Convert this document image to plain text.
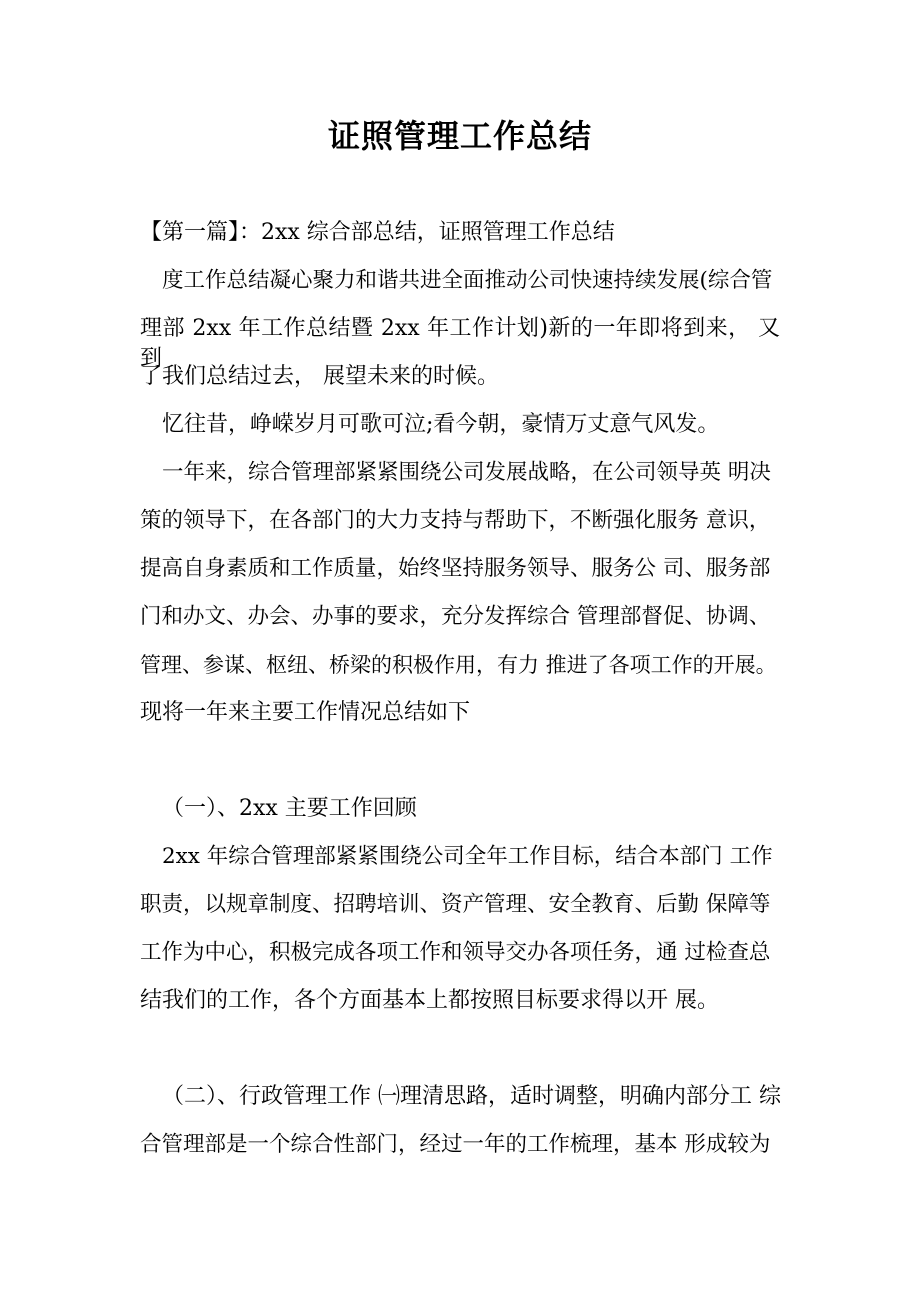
证照管理工作总结
【第一篇】：2xx 综合部总结，证照管理工作总结
度工作总结凝心聚力和谐共进全面推动公司快速持续发展(综合管
理部 2xx 年工作总结暨 2xx 年工作计划)新的一年即将到来， 又到
了我们总结过去， 展望未来的时候。
忆往昔，峥嵘岁月可歌可泣;看今朝，豪情万丈意气风发。
一年来，综合管理部紧紧围绕公司发展战略，在公司领导英 明决
策的领导下，在各部门的大力支持与帮助下，不断强化服务 意识，
提高自身素质和工作质量，始终坚持服务领导、服务公 司、服务部
门和办文、办会、办事的要求，充分发挥综合 管理部督促、协调、
管理、参谋、枢纽、桥梁的积极作用，有力 推进了各项工作的开展。
现将一年来主要工作情况总结如下
（一）、2xx 主要工作回顾
2xx 年综合管理部紧紧围绕公司全年工作目标，结合本部门 工作
职责，以规章制度、招聘培训、资产管理、安全教育、后勤 保障等
工作为中心，积极完成各项工作和领导交办各项任务，通 过检查总
结我们的工作，各个方面基本上都按照目标要求得以开 展。
（二）、行政管理工作 ㈠理清思路，适时调整，明确内部分工 综
合管理部是一个综合性部门，经过一年的工作梳理，基本 形成较为
